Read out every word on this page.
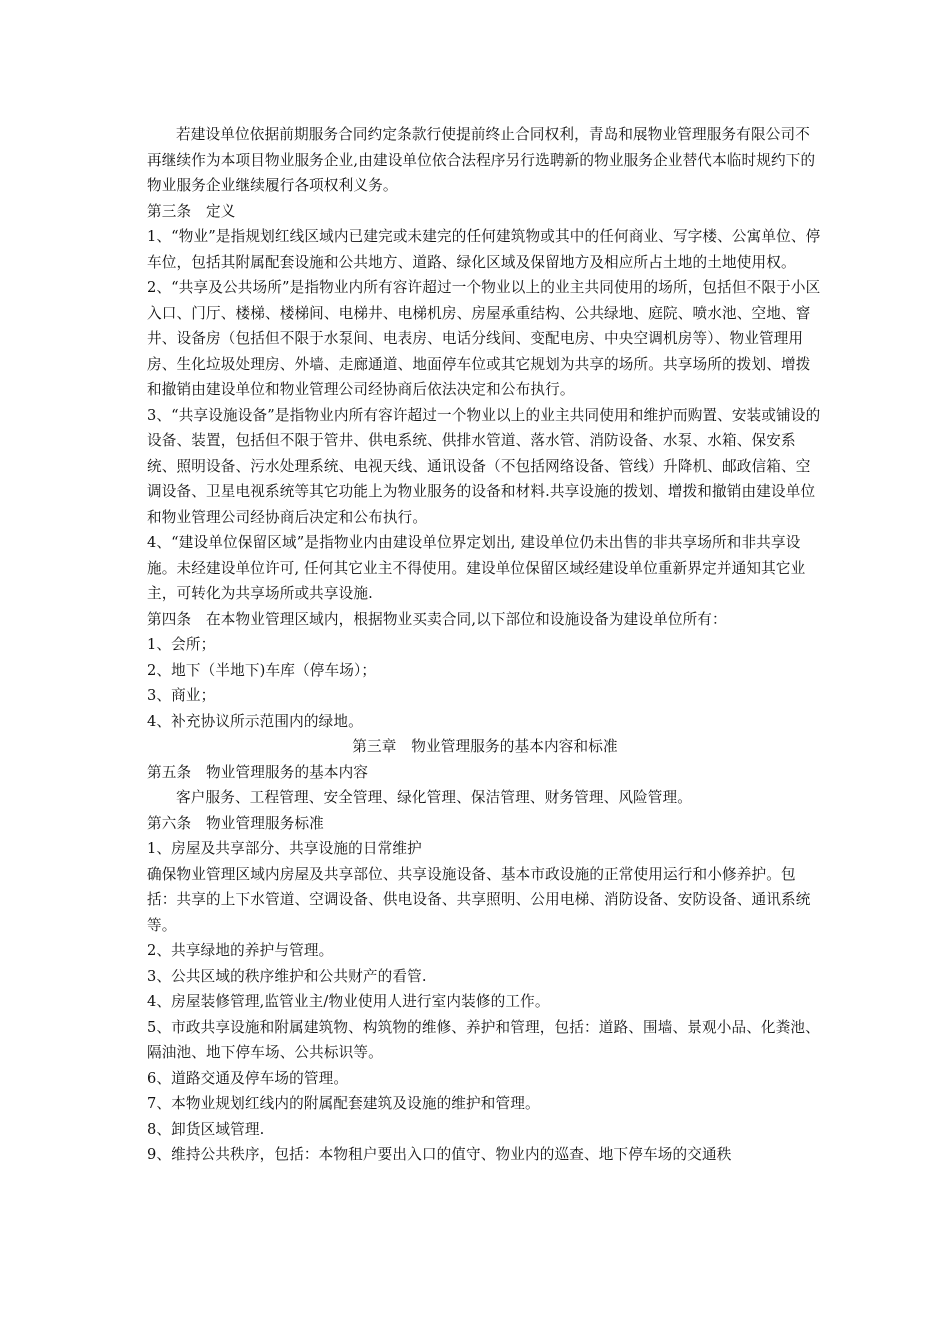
若建设单位依据前期服务合同约定条款行使提前终止合同权利，青岛和展物业管理服务有限公司不再继续作为本项目物业服务企业,由建设单位依合法程序另行选聘新的物业服务企业替代本临时规约下的物业服务企业继续履行各项权利义务。

第三条　定义

1、“物业”是指规划红线区域内已建完或未建完的任何建筑物或其中的任何商业、写字楼、公寓单位、停车位，包括其附属配套设施和公共地方、道路、绿化区域及保留地方及相应所占土地的土地使用权。

2、“共享及公共场所”是指物业内所有容许超过一个物业以上的业主共同使用的场所，包括但不限于小区入口、门厅、楼梯、楼梯间、电梯井、电梯机房、房屋承重结构、公共绿地、庭院、喷水池、空地、窨井、设备房（包括但不限于水泵间、电表房、电话分线间、变配电房、中央空调机房等）、物业管理用房、生化垃圾处理房、外墙、走廊通道、地面停车位或其它规划为共享的场所。共享场所的拨划、增拨和撤销由建设单位和物业管理公司经协商后依法决定和公布执行。

3、“共享设施设备”是指物业内所有容许超过一个物业以上的业主共同使用和维护而购置、安装或铺设的设备、装置，包括但不限于管井、供电系统、供排水管道、落水管、消防设备、水泵、水箱、保安系统、照明设备、污水处理系统、电视天线、通讯设备（不包括网络设备、管线）升降机、邮政信箱、空调设备、卫星电视系统等其它功能上为物业服务的设备和材料.共享设施的拨划、增拨和撤销由建设单位和物业管理公司经协商后决定和公布执行。

4、“建设单位保留区域”是指物业内由建设单位界定划出, 建设单位仍未出售的非共享场所和非共享设施。未经建设单位许可, 任何其它业主不得使用。建设单位保留区域经建设单位重新界定并通知其它业主，可转化为共享场所或共享设施.

第四条　在本物业管理区域内，根据物业买卖合同,以下部位和设施设备为建设单位所有：

1、会所；

2、地下（半地下)车库（停车场）；

3、商业；

4、补充协议所示范围内的绿地。

第三章　物业管理服务的基本内容和标准

第五条　物业管理服务的基本内容

客户服务、工程管理、安全管理、绿化管理、保洁管理、财务管理、风险管理。

第六条　物业管理服务标准

1、房屋及共享部分、共享设施的日常维护

确保物业管理区域内房屋及共享部位、共享设施设备、基本市政设施的正常使用运行和小修养护。包括：共享的上下水管道、空调设备、供电设备、共享照明、公用电梯、消防设备、安防设备、通讯系统等。

2、共享绿地的养护与管理。

3、公共区域的秩序维护和公共财产的看管.

4、房屋装修管理,监管业主/物业使用人进行室内装修的工作。

5、市政共享设施和附属建筑物、构筑物的维修、养护和管理，包括：道路、围墙、景观小品、化粪池、隔油池、地下停车场、公共标识等。

6、道路交通及停车场的管理。

7、本物业规划红线内的附属配套建筑及设施的维护和管理。

8、卸货区域管理.

9、维持公共秩序，包括：本物租户要出入口的值守、物业内的巡查、地下停车场的交通秩
